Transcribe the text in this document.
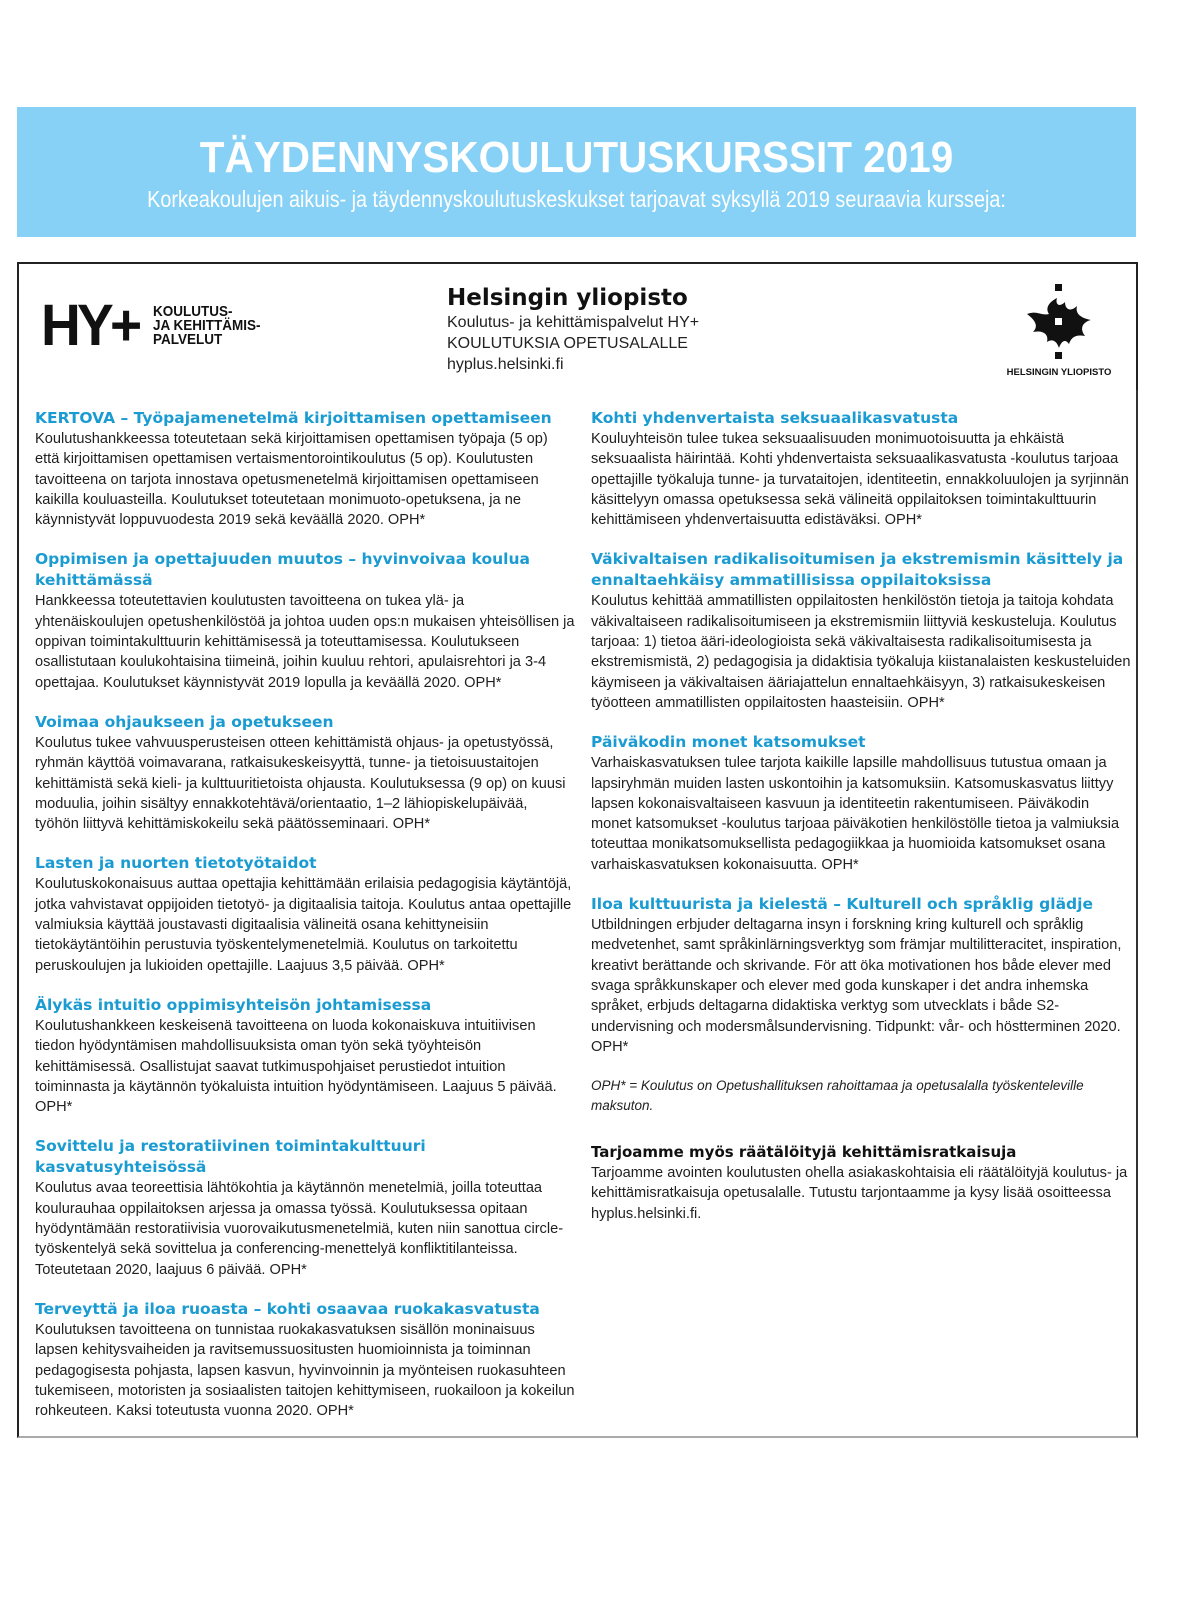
TÄYDENNYSKOULUTUSKURSSIT 2019
Korkeakoulujen aikuis- ja täydennyskoulutuskeskukset tarjoavat syksyllä 2019 seuraavia kursseja:
HY+ KOULUTUS-
JA KEHITTÄMIS-
PALVELUT
Helsingin yliopisto
Koulutus- ja kehittämispalvelut HY+
KOULUTUKSIA OPETUSALALLE
hyplus.helsinki.fi	HELSINGIN YLIOPISTO
KERTOVA – Työpajamenetelmä kirjoittamisen opettamiseen
Koulutushankkeessa toteutetaan sekä kirjoittamisen opettamisen työpaja (5 op) että kirjoittamisen opettamisen vertaismentorointikoulutus (5 op). Koulutusten tavoitteena on tarjota innostava opetusmenetelmä kirjoittamisen opettamiseen kaikilla kouluasteilla. Koulutukset toteutetaan monimuoto-opetuksena, ja ne käynnistyvät loppuvuodesta 2019 sekä keväällä 2020. OPH*
Oppimisen ja opettajuuden muutos – hyvinvoivaa koulua kehittämässä
Hankkeessa toteutettavien koulutusten tavoitteena on tukea ylä- ja yhtenäiskoulujen opetushenkilöstöä ja johtoa uuden ops:n mukaisen yhteisöllisen ja oppivan toimintakulttuurin kehittämisessä ja toteuttamisessa. Koulutukseen osallistutaan koulukohtaisina tiimeinä, joihin kuuluu rehtori, apulaisrehtori ja 3-4 opettajaa. Koulutukset käynnistyvät 2019 lopulla ja keväällä 2020. OPH*
Voimaa ohjaukseen ja opetukseen
Koulutus tukee vahvuusperusteisen otteen kehittämistä ohjaus- ja opetustyössä, ryhmän käyttöä voimavarana, ratkaisukeskeisyyttä, tunne- ja tietoisuustaitojen kehittämistä sekä kieli- ja kulttuuritietoista ohjausta. Koulutuksessa (9 op) on kuusi moduulia, joihin sisältyy ennakkotehtävä/orientaatio, 1–2 lähiopiskelupäivää, työhön liittyvä kehittämiskokeilu sekä päätösseminaari. OPH*
Lasten ja nuorten tietotyötaidot
Koulutuskokonaisuus auttaa opettajia kehittämään erilaisia pedagogisia käytäntöjä, jotka vahvistavat oppijoiden tietotyö- ja digitaalisia taitoja. Koulutus antaa opettajille valmiuksia käyttää joustavasti digitaalisia välineitä osana kehittyneisiin tietokäytäntöihin perustuvia työskentelymenetelmiä. Koulutus on tarkoitettu peruskoulujen ja lukioiden opettajille. Laajuus 3,5 päivää. OPH*
Älykäs intuitio oppimisyhteisön johtamisessa
Koulutushankkeen keskeisenä tavoitteena on luoda kokonaiskuva intuitiivisen tiedon hyödyntämisen mahdollisuuksista oman työn sekä työyhteisön kehittämisessä. Osallistujat saavat tutkimuspohjaiset perustiedot intuition toiminnasta ja käytännön työkaluista intuition hyödyntämiseen. Laajuus 5 päivää. OPH*
Sovittelu ja restoratiivinen toimintakulttuuri kasvatusyhteisössä
Koulutus avaa teoreettisia lähtökohtia ja käytännön menetelmiä, joilla toteuttaa koulurauhaa oppilaitoksen arjessa ja omassa työssä. Koulutuksessa opitaan hyödyntämään restoratiivisia vuorovaikutusmenetelmiä, kuten niin sanottua circle-työskentelyä sekä sovittelua ja conferencing-menettelyä konfliktitilanteissa. Toteutetaan 2020, laajuus 6 päivää. OPH*
Terveyttä ja iloa ruoasta – kohti osaavaa ruokakasvatusta
Koulutuksen tavoitteena on tunnistaa ruokakasvatuksen sisällön moninaisuus lapsen kehitysvaiheiden ja ravitsemussuositusten huomioinnista ja toiminnan pedagogisesta pohjasta, lapsen kasvun, hyvinvoinnin ja myönteisen ruokasuhteen tukemiseen, motoristen ja sosiaalisten taitojen kehittymiseen, ruokailoon ja kokeilun rohkeuteen. Kaksi toteutusta vuonna 2020. OPH*
Kohti yhdenvertaista seksuaalikasvatusta
Kouluyhteisön tulee tukea seksuaalisuuden monimuotoisuutta ja ehkäistä seksuaalista häirintää. Kohti yhdenvertaista seksuaalikasvatusta -koulutus tarjoaa opettajille työkaluja tunne- ja turvataitojen, identiteetin, ennakkoluulojen ja syrjinnän käsittelyyn omassa opetuksessa sekä välineitä oppilaitoksen toimintakulttuurin kehittämiseen yhdenvertaisuutta edistäväksi. OPH*
Väkivaltaisen radikalisoitumisen ja ekstremismin käsittely ja ennaltaehkäisy ammatillisissa oppilaitoksissa
Koulutus kehittää ammatillisten oppilaitosten henkilöstön tietoja ja taitoja kohdata väkivaltaiseen radikalisoitumiseen ja ekstremismiin liittyviä keskusteluja. Koulutus tarjoaa: 1) tietoa ääri-ideologioista sekä väkivaltaisesta radikalisoitumisesta ja ekstremismistä, 2) pedagogisia ja didaktisia työkaluja kiistanalaisten keskusteluiden käymiseen ja väkivaltaisen ääriajattelun ennaltaehkäisyyn, 3) ratkaisukeskeisen työotteen ammatillisten oppilaitosten haasteisiin. OPH*
Päiväkodin monet katsomukset
Varhaiskasvatuksen tulee tarjota kaikille lapsille mahdollisuus tutustua omaan ja lapsiryhmän muiden lasten uskontoihin ja katsomuksiin. Katsomuskasvatus liittyy lapsen kokonaisvaltaiseen kasvuun ja identiteetin rakentumiseen. Päiväkodin monet katsomukset -koulutus tarjoaa päiväkotien henkilöstölle tietoa ja valmiuksia toteuttaa monikatsomuksellista pedagogiikkaa ja huomioida katsomukset osana varhaiskasvatuksen kokonaisuutta. OPH*
Iloa kulttuurista ja kielestä – Kulturell och språklig glädje
Utbildningen erbjuder deltagarna insyn i forskning kring kulturell och språklig medvetenhet, samt språkinlärningsverktyg som främjar multilitteracitet, inspiration, kreativt berättande och skrivande. För att öka motivationen hos både elever med svaga språkkunskaper och elever med goda kunskaper i det andra inhemska språket, erbjuds deltagarna didaktiska verktyg som utvecklats i både S2-undervisning och modersmålsundervisning. Tidpunkt: vår- och höstterminen 2020. OPH*
OPH* = Koulutus on Opetushallituksen rahoittamaa ja opetusalalla työskenteleville maksuton.
Tarjoamme myös räätälöityjä kehittämisratkaisuja
Tarjoamme avointen koulutusten ohella asiakaskohtaisia eli räätälöityjä koulutus- ja kehittämisratkaisuja opetusalalle. Tutustu tarjontaamme ja kysy lisää osoitteessa hyplus.helsinki.fi.
